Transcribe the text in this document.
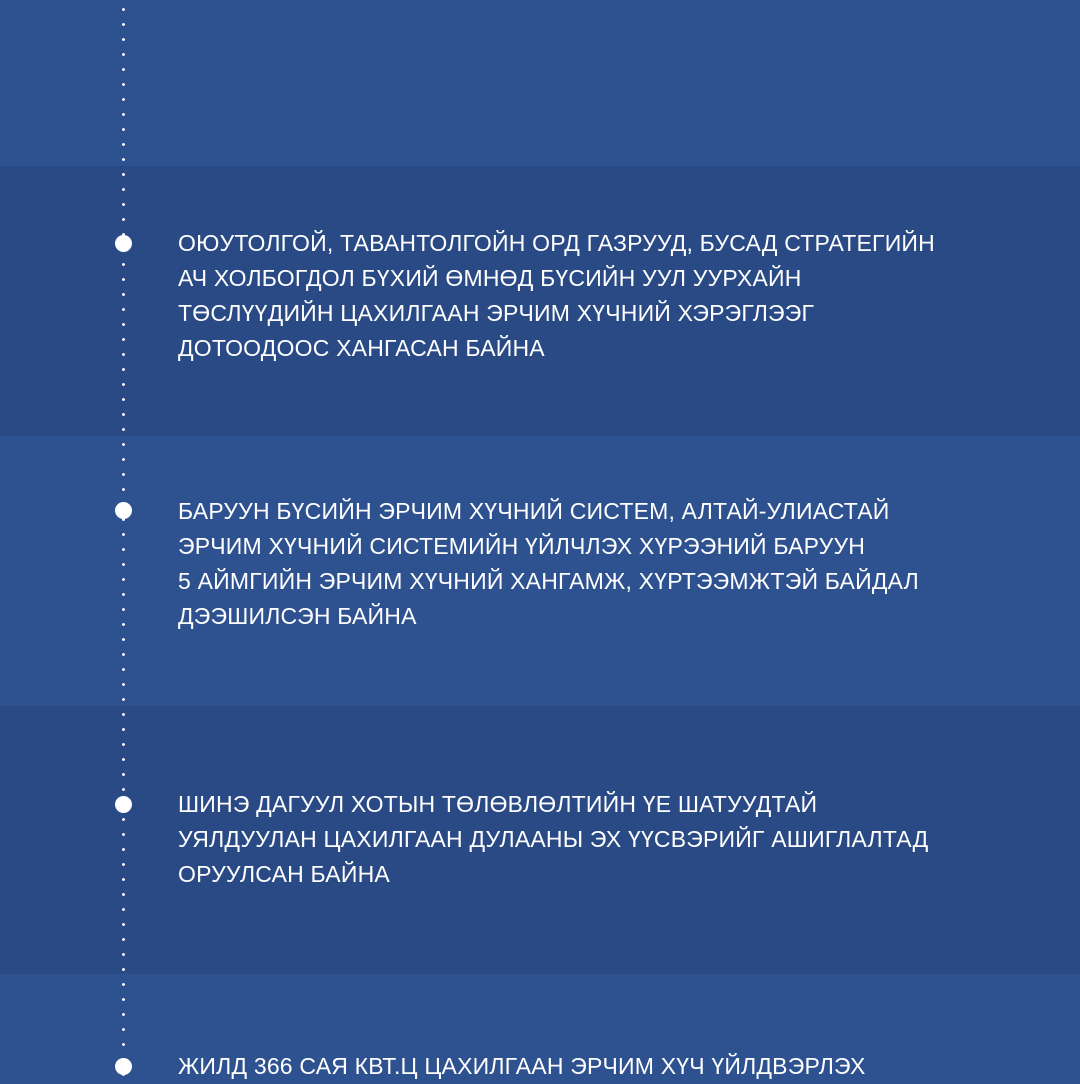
ОЮУТОЛГОЙ, ТАВАНТОЛГОЙН ОРД ГАЗРУУД, БУСАД СТРАТЕГИЙН
АЧ ХОЛБОГДОЛ БҮХИЙ ӨМНӨД БҮСИЙН УУЛ УУРХАЙН
ТӨСЛҮҮДИЙН ЦАХИЛГААН ЭРЧИМ ХҮЧНИЙ ХЭРЭГЛЭЭГ
ДОТООДООС ХАНГАСАН БАЙНА

БАРУУН БҮСИЙН ЭРЧИМ ХҮЧНИЙ СИСТЕМ, АЛТАЙ-УЛИАСТАЙ
ЭРЧИМ ХҮЧНИЙ СИСТЕМИЙН ҮЙЛЧЛЭХ ХҮРЭЭНИЙ БАРУУН
5 АЙМГИЙН ЭРЧИМ ХҮЧНИЙ ХАНГАМЖ, ХҮРТЭЭМЖТЭЙ БАЙДАЛ
ДЭЭШИЛСЭН БАЙНА

ШИНЭ ДАГУУЛ ХОТЫН ТӨЛӨВЛӨЛТИЙН ҮЕ ШАТУУДТАЙ
УЯЛДУУЛАН ЦАХИЛГААН ДУЛААНЫ ЭХ ҮҮСВЭРИЙГ АШИГЛАЛТАД
ОРУУЛСАН БАЙНА

ЖИЛД 366 САЯ КВТ.Ц ЦАХИЛГААН ЭРЧИМ ХҮЧ ҮЙЛДВЭРЛЭХ
